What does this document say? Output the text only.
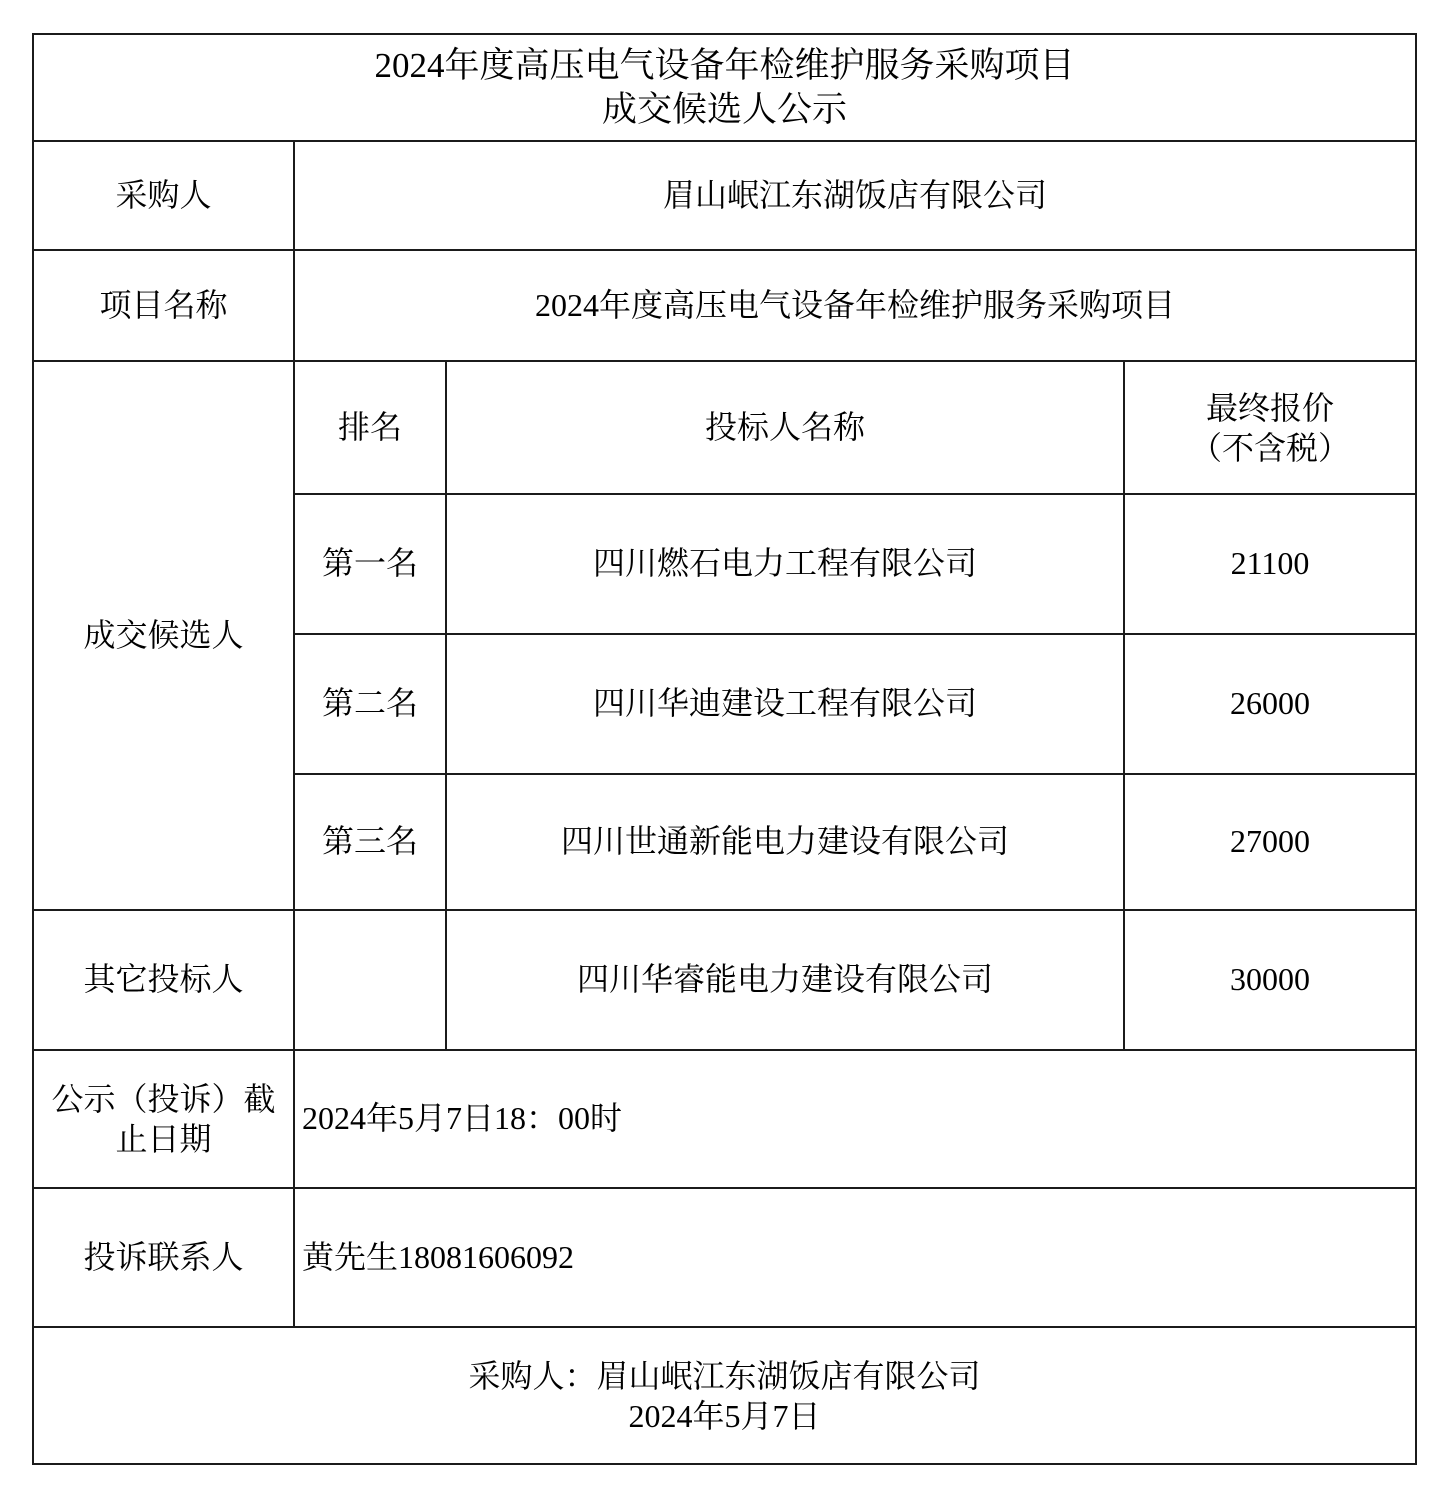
2024年度高压电气设备年检维护服务采购项目
成交候选人公示			

采购人	眉山岷江东湖饭店有限公司		
项目名称	2024年度高压电气设备年检维护服务采购项目		
成交候选人	排名	投标人名称	最终报价
（不含税）

	第一名	四川燃石电力工程有限公司	21100
	第二名	四川华迪建设工程有限公司	26000
	第三名	四川世通新能电力建设有限公司	27000
其它投标人		四川华睿能电力建设有限公司	30000

公示（投诉）截
止日期	2024年5月7日18：00时		
投诉联系人	黄先生18081606092		

采购人：眉山岷江东湖饭店有限公司
2024年5月7日			
